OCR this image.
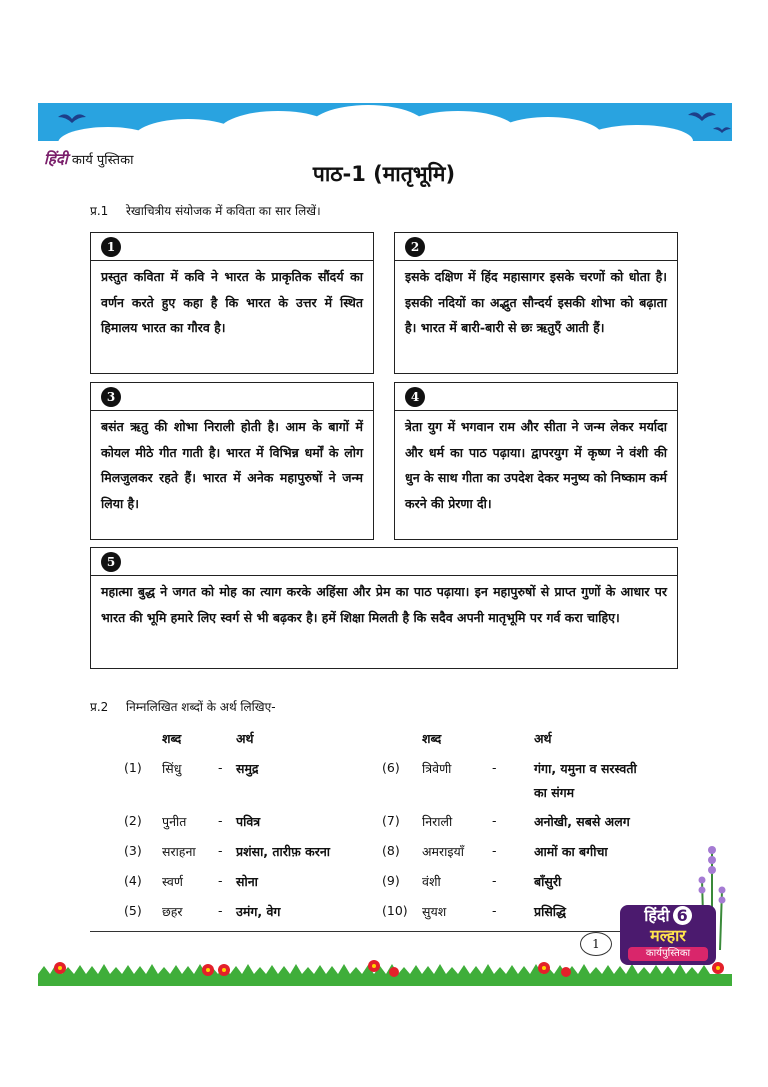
हिंदी कार्य पुस्तिका
पाठ-1 (मातृभूमि)
प्र.1 रेखाचित्रीय संयोजक में कविता का सार लिखें।
1
प्रस्तुत कविता में कवि ने भारत के प्राकृतिक सौंदर्य का वर्णन करते हुए कहा है कि भारत के उत्तर में स्थित हिमालय भारत का गौरव है।
2
इसके दक्षिण में हिंद महासागर इसके चरणों को धोता है। इसकी नदियों का अद्भुत सौन्दर्य इसकी शोभा को बढ़ाता है। भारत में बारी-बारी से छः ऋतुएँ आती हैं।
3
बसंत ऋतु की शोभा निराली होती है। आम के बागों में कोयल मीठे गीत गाती है। भारत में विभिन्न धर्मों के लोग मिलजुलकर रहते हैं। भारत में अनेक महापुरुषों ने जन्म लिया है।
4
त्रेता युग में भगवान राम और सीता ने जन्म लेकर मर्यादा और धर्म का पाठ पढ़ाया। द्वापरयुग में कृष्ण ने वंशी की धुन के साथ गीता का उपदेश देकर मनुष्य को निष्काम कर्म करने की प्रेरणा दी।
5
महात्मा बुद्ध ने जगत को मोह का त्याग करके अहिंसा और प्रेम का पाठ पढ़ाया। इन महापुरुषों से प्राप्त गुणों के आधार पर भारत की भूमि हमारे लिए स्वर्ग से भी बढ़कर है। हमें शिक्षा मिलती है कि सदैव अपनी मातृभूमि पर गर्व करा चाहिए।
प्र.2 निम्नलिखित शब्दों के अर्थ लिखिए-
शब्द	अर्थ	शब्द	अर्थ
(1) सिंधु	- समुद्र
(2) पुनीत	- पवित्र
(3) सराहना - प्रशंसा, तारीफ़ करना
(4) स्वर्ण	- सोना
(5) छहर	- उमंग, वेग
(6) त्रिवेणी	-	गंगा, यमुना व सरस्वती
का संगम
(7) निराली	-	अनोखी, सबसे अलग
(8) अमराइयाँ -	आमों का बगीचा
(9) वंशी	-	बाँसुरी
(10) सुयश	-	प्रसिद्धि
1
हिंदी 6
मल्हार
कार्यपुस्तिका
